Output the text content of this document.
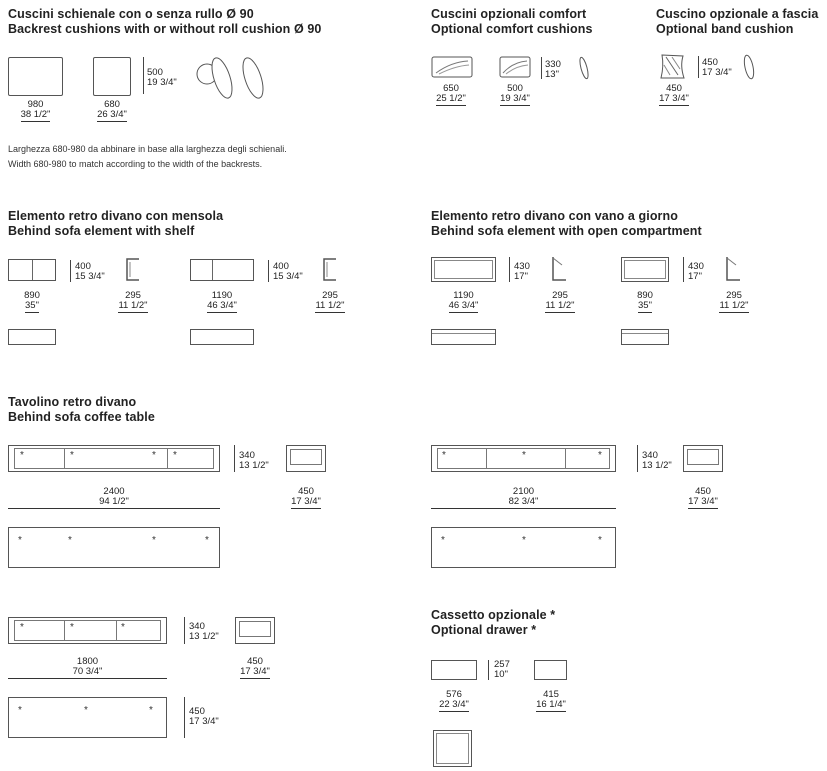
Cuscini schienale con o senza rullo Ø 90
Backrest cushions with or without roll cushion Ø 90
980
38 1/2"
680
26 3/4"
500
19 3/4"
Larghezza 680-980 da abbinare in base alla larghezza degli schienali.
Width 680-980 to match according to the width of the backrests.
Cuscini opzionali comfort
Optional comfort cushions
330
13"
650
25 1/2"
500
19 3/4"
Cuscino opzionale a fascia
Optional band cushion
450
17 3/4"
450
17 3/4"
Elemento retro divano con mensola
Behind sofa element with shelf
400
15 3/4"
890
35"
295
11 1/2"
400
15 3/4"
1190
46 3/4"
295
11 1/2"
Elemento retro divano con vano a giorno
Behind sofa element with open compartment
430
17"
1190
46 3/4"
295
11 1/2"
430
17"
890
35"
295
11 1/2"
Tavolino retro divano
Behind sofa coffee table
*	*	* *	340
13 1/2"
2400
94 1/2"
450
17 3/4"
*	*	*	*
*	*	*	340
13 1/2"
2100
82 3/4"
450
17 3/4"
*	*	*
*	*	*	340
13 1/2"
1800
70 3/4"
450
17 3/4"
*	*	*	450
17 3/4"
Cassetto opzionale *
Optional drawer *
257
10"
576
22 3/4"
415
16 1/4"
